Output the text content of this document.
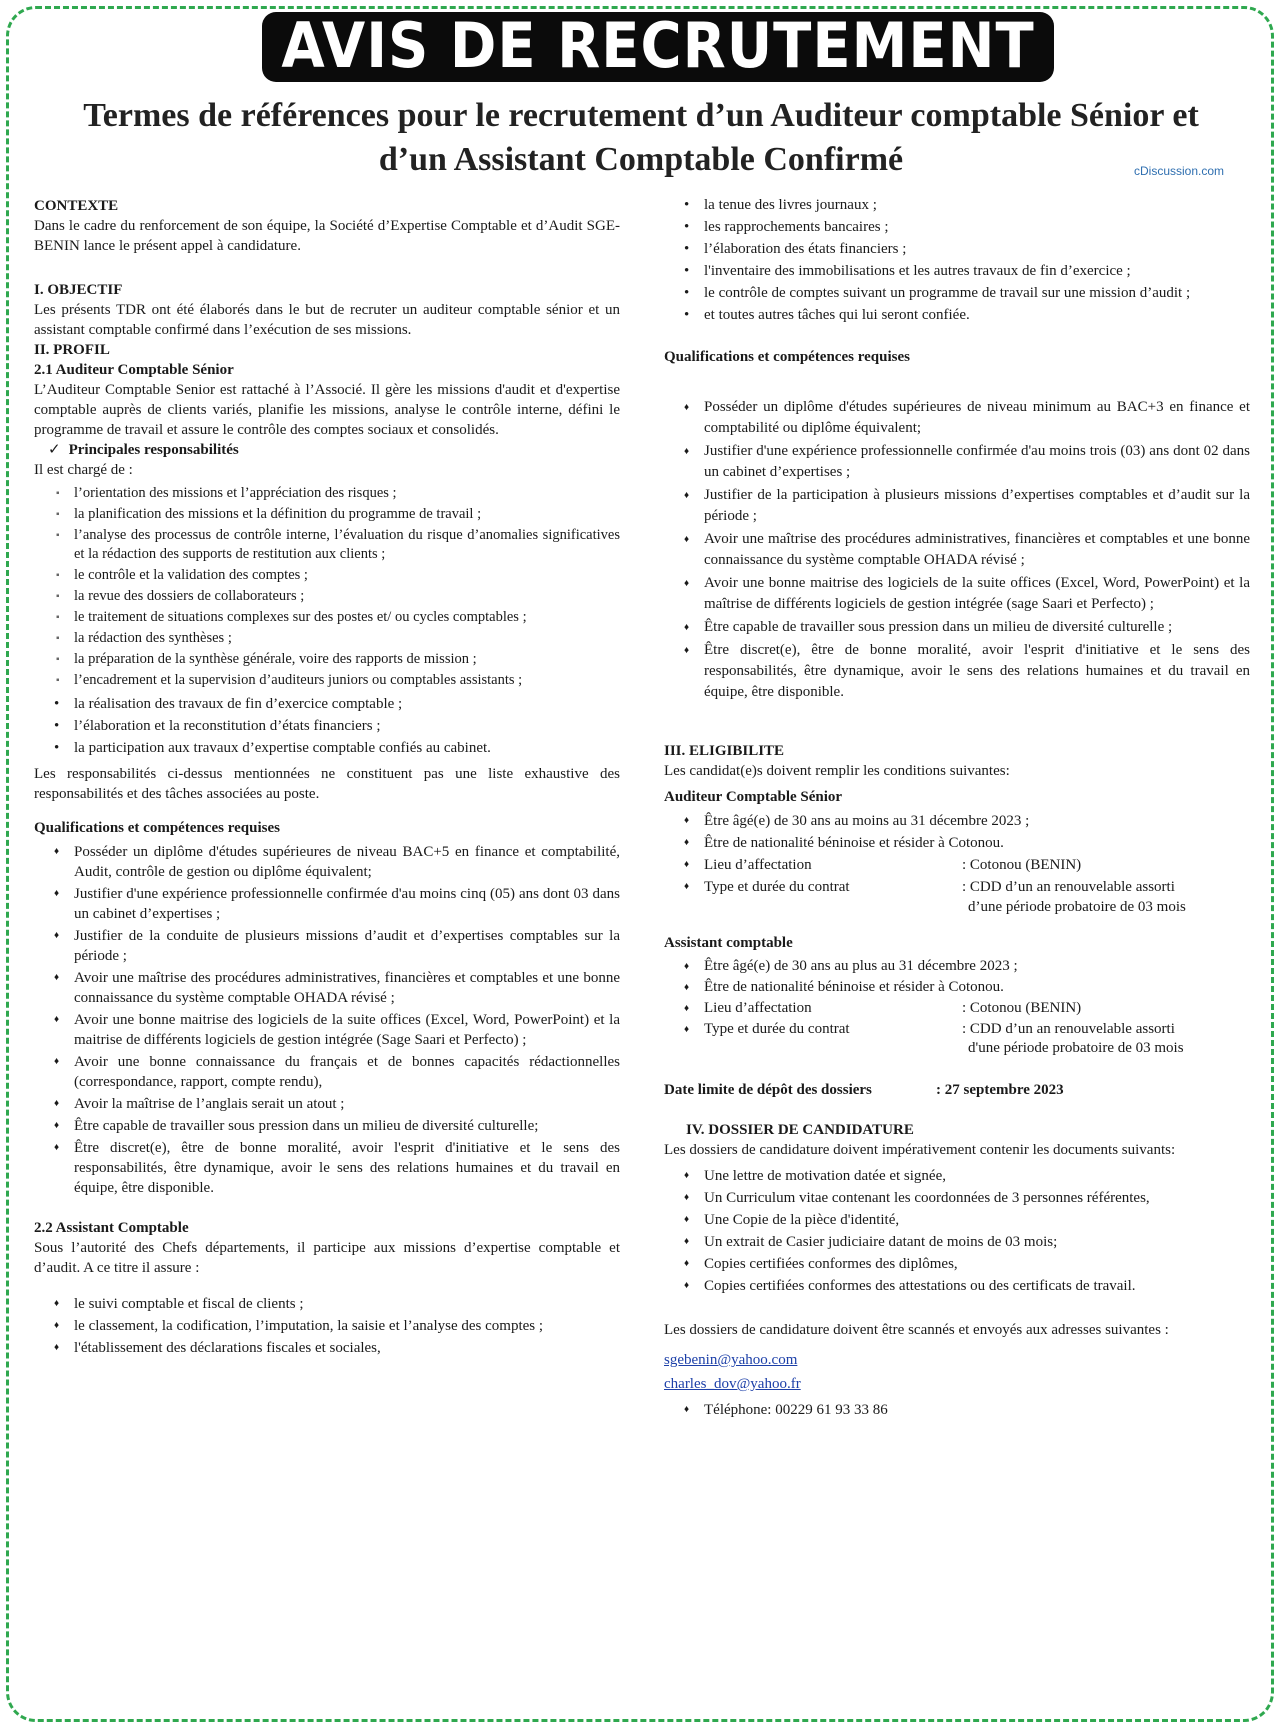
AVIS DE RECRUTEMENT
Termes de références pour le recrutement d’un Auditeur comptable Sénior et
d’un Assistant Comptable Confirmé	cDiscussion.com

CONTEXTE

Dans le cadre du renforcement de son équipe, la Société d’Expertise Comptable et d’Audit SGE-BENIN lance le présent appel à candidature.

I. OBJECTIF

Les présents TDR ont été élaborés dans le but de recruter un auditeur comptable sénior et un assistant comptable confirmé dans l’exécution de ses missions.

II. PROFIL

2.1 Auditeur Comptable Sénior

L’Auditeur Comptable Senior est rattaché à l’Associé. Il gère les missions d'audit et d'expertise comptable auprès de clients variés, planifie les missions, analyse le contrôle interne, défini le programme de travail et assure le contrôle des comptes sociaux et consolidés.

✓ Principales responsabilités

Il est chargé de :

▪ l’orientation des missions et l’appréciation des risques ;
▪ la planification des missions et la définition du programme de travail ;
▪ l’analyse des processus de contrôle interne, l’évaluation du risque d’anomalies significatives et la rédaction des supports de restitution aux clients ;
▪ le contrôle et la validation des comptes ;
▪ la revue des dossiers de collaborateurs ;
▪ le traitement de situations complexes sur des postes et/ ou cycles comptables ;
▪ la rédaction des synthèses ;
▪ la préparation de la synthèse générale, voire des rapports de mission ;
▪ l’encadrement et la supervision d’auditeurs juniors ou comptables assistants ;
• la réalisation des travaux de fin d’exercice comptable ;
• l’élaboration et la reconstitution d’états financiers ;
• la participation aux travaux d’expertise comptable confiés au cabinet.

Les responsabilités ci-dessus mentionnées ne constituent pas une liste exhaustive des responsabilités et des tâches associées au poste.

Qualifications et compétences requises

♦ Posséder un diplôme d'études supérieures de niveau BAC+5 en finance et comptabilité, Audit, contrôle de gestion ou diplôme équivalent;
♦ Justifier d'une expérience professionnelle confirmée d'au moins cinq (05) ans dont 03 dans un cabinet d’expertises ;
♦ Justifier de la conduite de plusieurs missions d’audit et d’expertises comptables sur la période ;
♦ Avoir une maîtrise des procédures administratives, financières et comptables et une bonne connaissance du système comptable OHADA révisé ;
♦ Avoir une bonne maitrise des logiciels de la suite offices (Excel, Word, PowerPoint) et la maitrise de différents logiciels de gestion intégrée (Sage Saari et Perfecto) ;
♦ Avoir une bonne connaissance du français et de bonnes capacités rédactionnelles (correspondance, rapport, compte rendu),
♦ Avoir la maîtrise de l’anglais serait un atout ;
♦ Être capable de travailler sous pression dans un milieu de diversité culturelle;
♦ Être discret(e), être de bonne moralité, avoir l'esprit d'initiative et le sens des responsabilités, être dynamique, avoir le sens des relations humaines et du travail en équipe, être disponible.

2.2 Assistant Comptable

Sous l’autorité des Chefs départements, il participe aux missions d’expertise comptable et d’audit. A ce titre il assure :

♦ le suivi comptable et fiscal de clients ;
♦ le classement, la codification, l’imputation, la saisie et l’analyse des comptes ;
♦ l'établissement des déclarations fiscales et sociales,
• la tenue des livres journaux ;
• les rapprochements bancaires ;
• l’élaboration des états financiers ;
• l'inventaire des immobilisations et les autres travaux de fin d’exercice ;
• le contrôle de comptes suivant un programme de travail sur une mission d’audit ;
• et toutes autres tâches qui lui seront confiée.

Qualifications et compétences requises

♦ Posséder un diplôme d'études supérieures de niveau minimum au BAC+3 en finance et comptabilité ou diplôme équivalent;
♦ Justifier d'une expérience professionnelle confirmée d'au moins trois (03) ans dont 02 dans un cabinet d’expertises ;
♦ Justifier de la participation à plusieurs missions d’expertises comptables et d’audit sur la période ;
♦ Avoir une maîtrise des procédures administratives, financières et comptables et une bonne connaissance du système comptable OHADA révisé ;
♦ Avoir une bonne maitrise des logiciels de la suite offices (Excel, Word, PowerPoint) et la maîtrise de différents logiciels de gestion intégrée (sage Saari et Perfecto) ;
♦ Être capable de travailler sous pression dans un milieu de diversité culturelle ;
♦ Être discret(e), être de bonne moralité, avoir l'esprit d'initiative et le sens des responsabilités, être dynamique, avoir le sens des relations humaines et du travail en équipe, être disponible.

III. ELIGIBILITE

Les candidat(e)s doivent remplir les conditions suivantes:

Auditeur Comptable Sénior

♦ Être âgé(e) de 30 ans au moins au 31 décembre 2023 ;
♦ Être de nationalité béninoise et résider à Cotonou.
♦ Lieu d’affectation	: Cotonou (BENIN)
♦ Type et durée du contrat	: CDD d’un an renouvelable assorti
d’une période probatoire de 03 mois

Assistant comptable

♦ Être âgé(e) de 30 ans au plus au 31 décembre 2023 ;
♦ Être de nationalité béninoise et résider à Cotonou.
♦ Lieu d’affectation	: Cotonou (BENIN)
♦ Type et durée du contrat	: CDD d’un an renouvelable assorti
d'une période probatoire de 03 mois
Date limite de dépôt des dossiers	: 27 septembre 2023

IV. DOSSIER DE CANDIDATURE

Les dossiers de candidature doivent impérativement contenir les documents suivants:

♦ Une lettre de motivation datée et signée,
♦ Un Curriculum vitae contenant les coordonnées de 3 personnes référentes,
♦ Une Copie de la pièce d'identité,
♦ Un extrait de Casier judiciaire datant de moins de 03 mois;
♦ Copies certifiées conformes des diplômes,
♦ Copies certifiées conformes des attestations ou des certificats de travail.

Les dossiers de candidature doivent être scannés et envoyés aux adresses suivantes :

sgebenin@yahoo.com

charles_dov@yahoo.fr

♦ Téléphone: 00229 61 93 33 86
